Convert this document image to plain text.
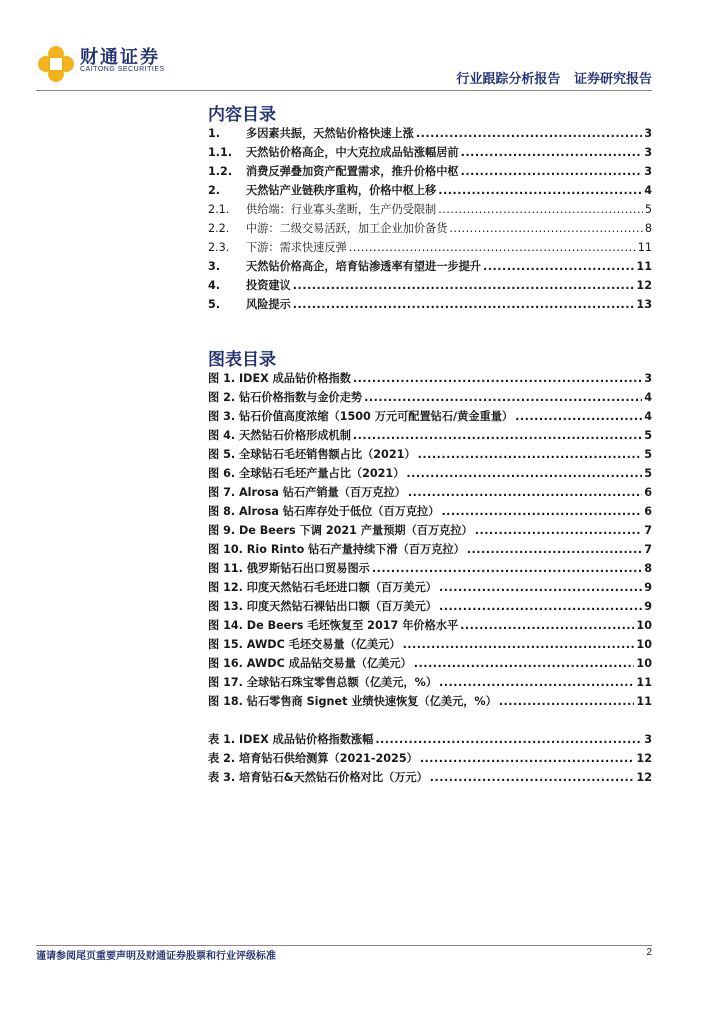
财通证券
CAITONG SECURITIES
行业跟踪分析报告   证券研究报告
内容目录
1.	多因素共振，天然钻价格快速上涨 .....	3
1.1.	天然钻价格高企，中大克拉成品钻涨幅居前 .....	3
1.2.	消费反弹叠加资产配置需求，推升价格中枢 .....	3
2.	天然钻产业链秩序重构，价格中枢上移 .....	4
2.1.	供给端：行业寡头垄断，生产仍受限制 .....	5
2.2.	中游：二级交易活跃，加工企业加价备货 .....	8
2.3.	下游：需求快速反弹 .....	11
3.	天然钻价格高企，培育钻渗透率有望进一步提升 .....	11
4.	投资建议 .....	12
5.	风险提示 .....	13
图表目录
图 1. IDEX 成品钻价格指数 .....	3
图 2. 钻石价格指数与金价走势 .....	4
图 3. 钻石价值高度浓缩（1500 万元可配置钻石/黄金重量） .....	4
图 4. 天然钻石价格形成机制 .....	5
图 5. 全球钻石毛坯销售额占比（2021） .....	5
图 6. 全球钻石毛坯产量占比（2021） .....	5
图 7. Alrosa 钻石产销量（百万克拉） .....	6
图 8. Alrosa 钻石库存处于低位（百万克拉） .....	6
图 9. De Beers 下调 2021 产量预期（百万克拉） .....	7
图 10. Rio Rinto 钻石产量持续下滑（百万克拉） .....	7
图 11. 俄罗斯钻石出口贸易图示 .....	8
图 12. 印度天然钻石毛坯进口额（百万美元） .....	9
图 13. 印度天然钻石裸钻出口额（百万美元） .....	9
图 14. De Beers 毛坯恢复至 2017 年价格水平 .....	10
图 15. AWDC 毛坯交易量（亿美元） .....	10
图 16. AWDC 成品钻交易量（亿美元） .....	10
图 17. 全球钻石珠宝零售总额（亿美元，%） .....	11
图 18. 钻石零售商 Signet 业绩快速恢复（亿美元，%） .....	11
表 1. IDEX 成品钻价格指数涨幅 .....	3
表 2. 培育钻石供给测算（2021-2025） .....	12
表 3. 培育钻石&天然钻石价格对比（万元） .....	12
谨请参阅尾页重要声明及财通证券股票和行业评级标准	2
